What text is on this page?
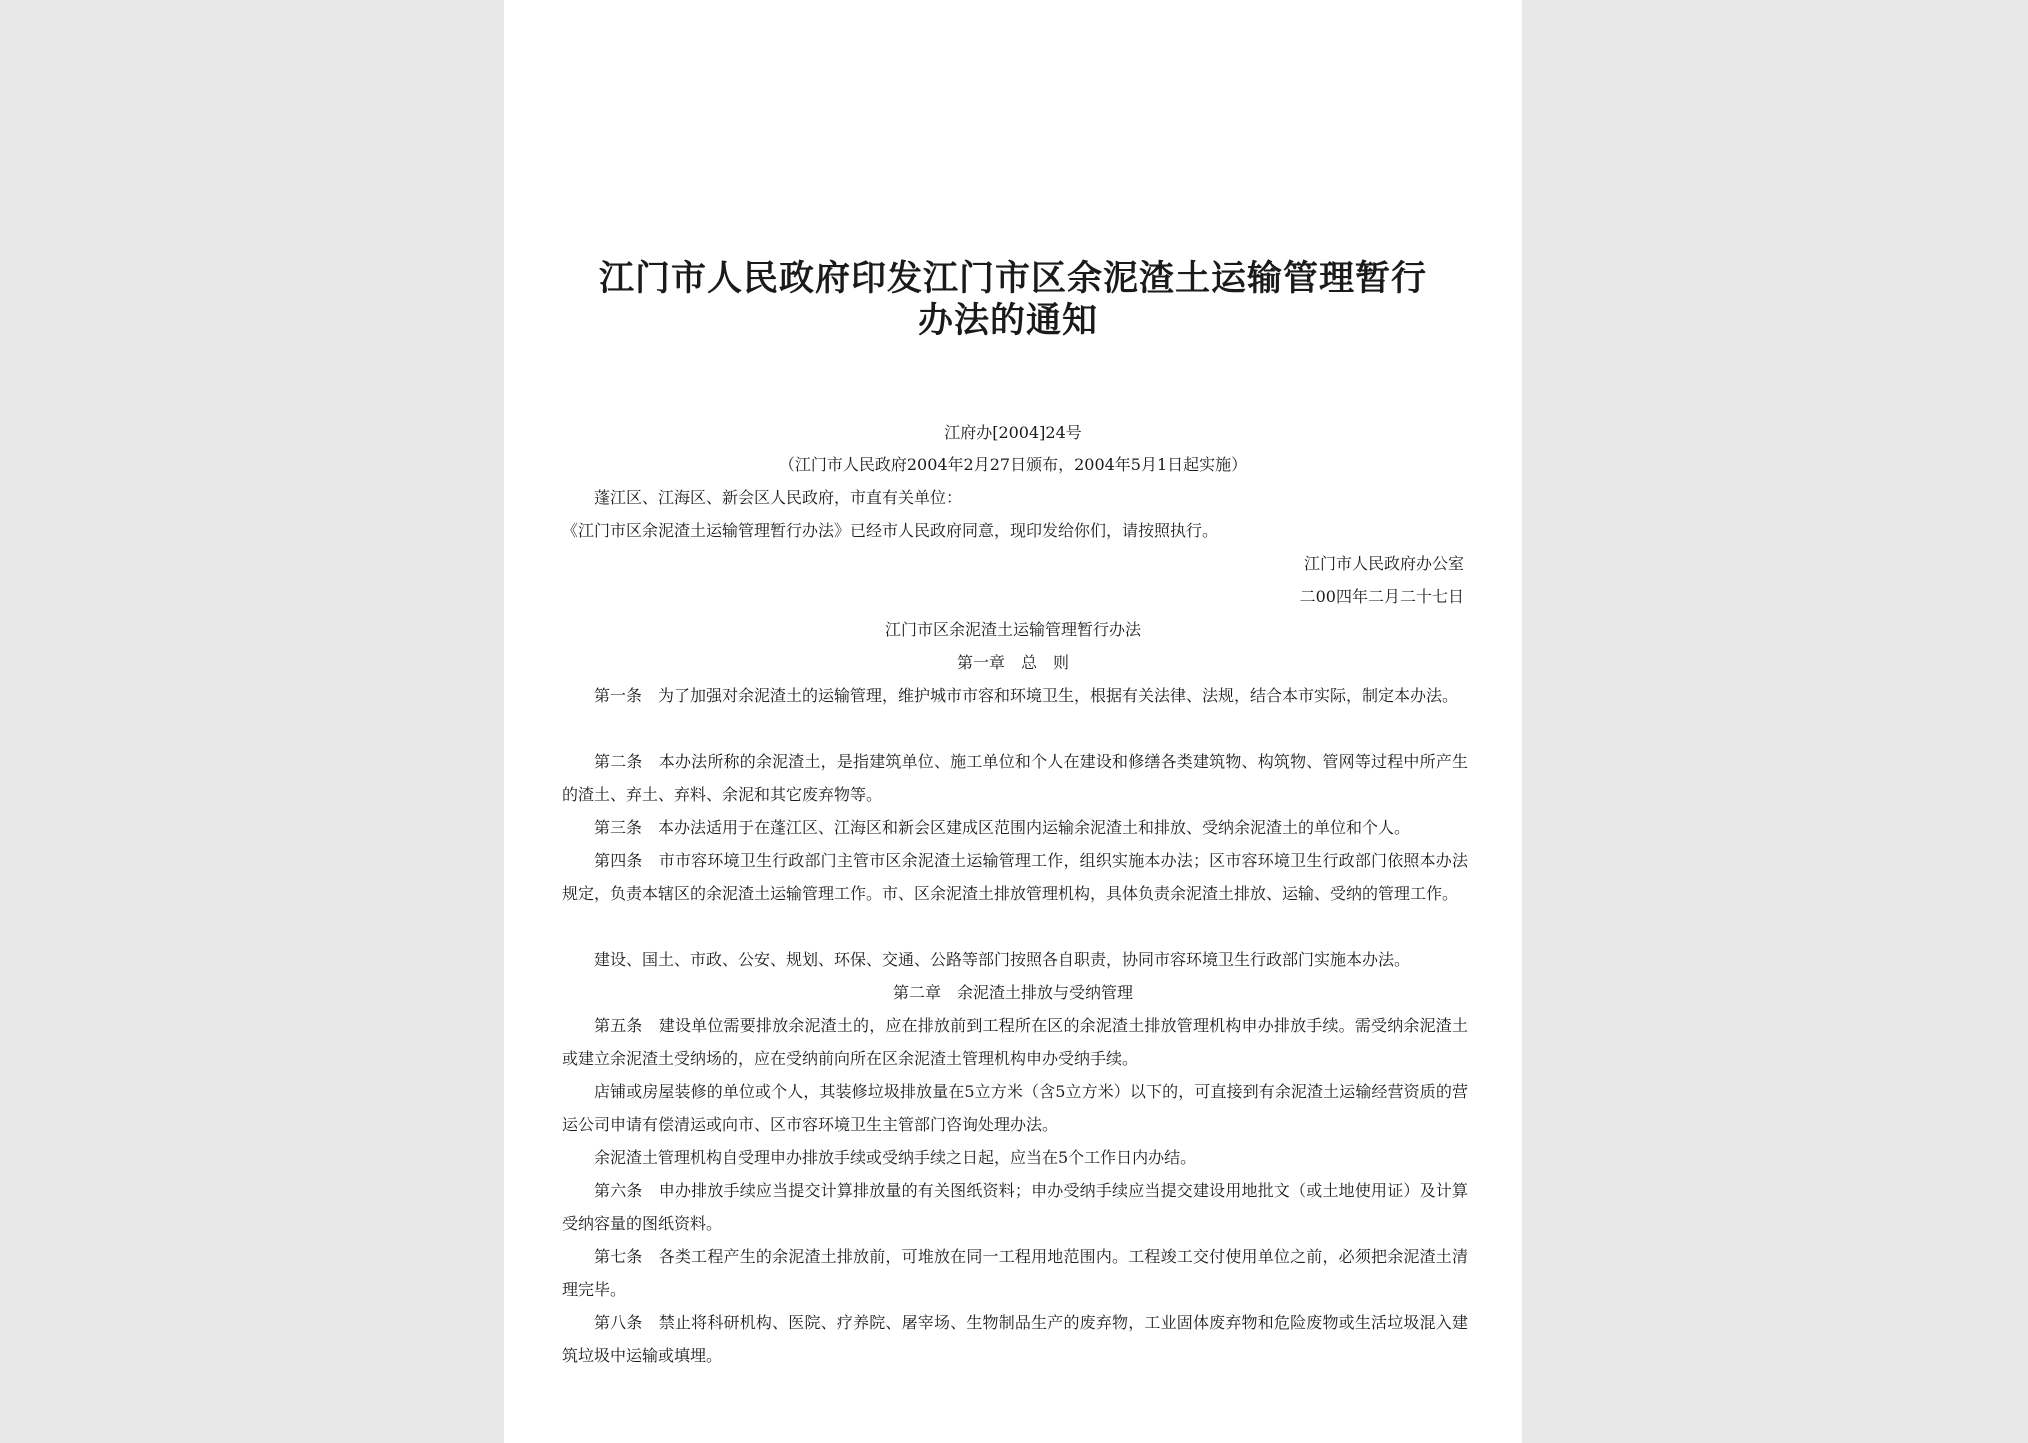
江门市人民政府印发江门市区余泥渣土运输管理暂行
办法的通知
江府办[2004]24号
（江门市人民政府2004年2月27日颁布，2004年5月1日起实施）
蓬江区、江海区、新会区人民政府，市直有关单位：
《江门市区余泥渣土运输管理暂行办法》已经市人民政府同意，现印发给你们，请按照执行。
江门市人民政府办公室
二00四年二月二十七日
江门市区余泥渣土运输管理暂行办法
第一章　总　则
第一条　为了加强对余泥渣土的运输管理，维护城市市容和环境卫生，根据有关法律、法规，结合本市实际，制定本办法。
第二条　本办法所称的余泥渣土，是指建筑单位、施工单位和个人在建设和修缮各类建筑物、构筑物、管网等过程中所产生的渣土、弃土、弃料、余泥和其它废弃物等。
第三条　本办法适用于在蓬江区、江海区和新会区建成区范围内运输余泥渣土和排放、受纳余泥渣土的单位和个人。
第四条　市市容环境卫生行政部门主管市区余泥渣土运输管理工作，组织实施本办法；区市容环境卫生行政部门依照本办法规定，负责本辖区的余泥渣土运输管理工作。市、区余泥渣土排放管理机构，具体负责余泥渣土排放、运输、受纳的管理工作。
建设、国土、市政、公安、规划、环保、交通、公路等部门按照各自职责，协同市容环境卫生行政部门实施本办法。
第二章　余泥渣土排放与受纳管理
第五条　建设单位需要排放余泥渣土的，应在排放前到工程所在区的余泥渣土排放管理机构申办排放手续。需受纳余泥渣土或建立余泥渣土受纳场的，应在受纳前向所在区余泥渣土管理机构申办受纳手续。
店铺或房屋装修的单位或个人，其装修垃圾排放量在5立方米（含5立方米）以下的，可直接到有余泥渣土运输经营资质的营运公司申请有偿清运或向市、区市容环境卫生主管部门咨询处理办法。
余泥渣土管理机构自受理申办排放手续或受纳手续之日起，应当在5个工作日内办结。
第六条　申办排放手续应当提交计算排放量的有关图纸资料；申办受纳手续应当提交建设用地批文（或土地使用证）及计算受纳容量的图纸资料。
第七条　各类工程产生的余泥渣土排放前，可堆放在同一工程用地范围内。工程竣工交付使用单位之前，必须把余泥渣土清理完毕。
第八条　禁止将科研机构、医院、疗养院、屠宰场、生物制品生产的废弃物，工业固体废弃物和危险废物或生活垃圾混入建筑垃圾中运输或填埋。
